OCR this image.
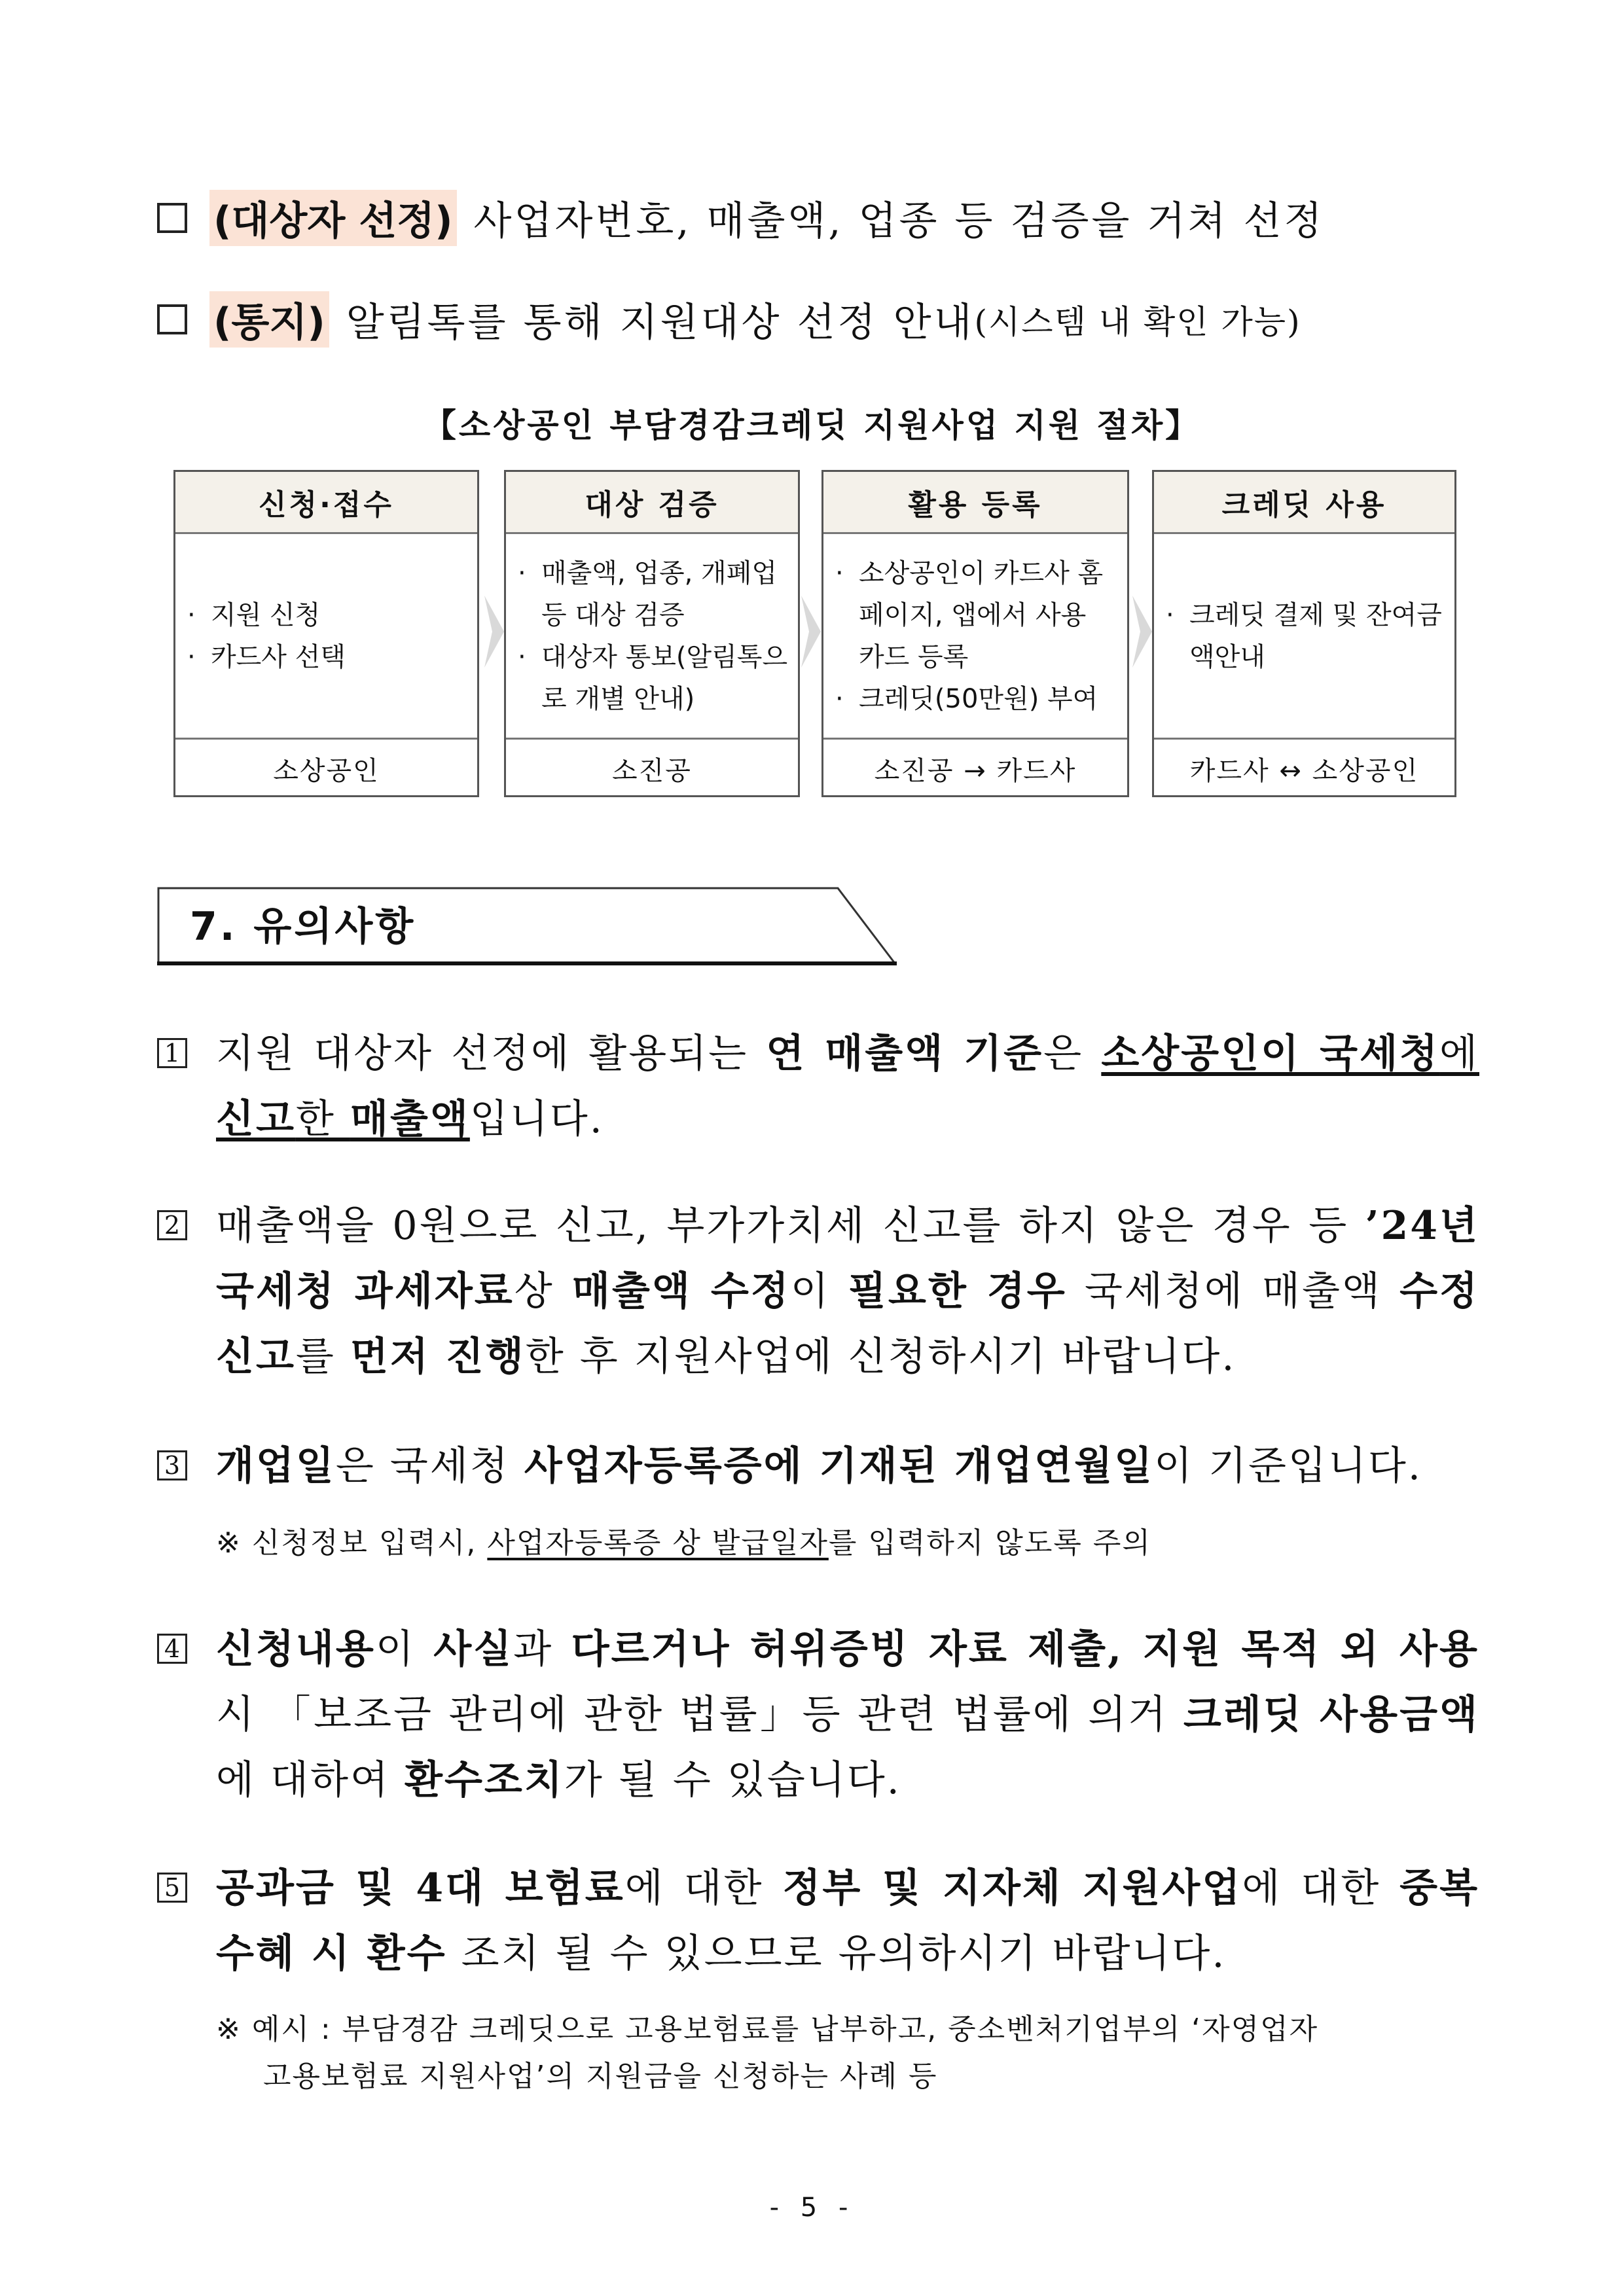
(대상자 선정) 사업자번호, 매출액, 업종 등 검증을 거쳐 선정
(통지) 알림톡를 통해 지원대상 선정 안내 (시스템 내 확인 가능)
【소상공인 부담경감크레딧 지원사업 지원 절차】
신청·접수
· 지원 신청
· 카드사 선택
소상공인
대상 검증
· 매출액, 업종, 개폐업 등 대상 검증
· 대상자 통보(알림톡으로 개별 안내)
소진공
활용 등록
· 소상공인이 카드사 홈페이지, 앱에서 사용 카드 등록
· 크레딧(50만원) 부여
소진공 → 카드사
크레딧 사용
· 크레딧 결제 및 잔여금액안내
카드사 ↔ 소상공인
7. 유의사항
1 지원 대상자 선정에 활용되는 연 매출액 기준은 소상공인이 국세청에 신고한 매출액입니다.
2 매출액을 0원으로 신고, 부가가치세 신고를 하지 않은 경우 등 ’24년 국세청 과세자료상 매출액 수정이 필요한 경우 국세청에 매출액 수정신고를 먼저 진행한 후 지원사업에 신청하시기 바랍니다.
3 개업일은 국세청 사업자등록증에 기재된 개업연월일이 기준입니다.
※ 신청정보 입력시, 사업자등록증 상 발급일자를 입력하지 않도록 주의
4 신청내용이 사실과 다르거나 허위증빙 자료 제출, 지원 목적 외 사용 시 「보조금 관리에 관한 법률」등 관련 법률에 의거 크레딧 사용금액에 대하여 환수조치가 될 수 있습니다.
5 공과금 및 4대 보험료에 대한 정부 및 지자체 지원사업에 대한 중복 수혜 시 환수 조치 될 수 있으므로 유의하시기 바랍니다.
※ 예시 : 부담경감 크레딧으로 고용보험료를 납부하고, 중소벤처기업부의 ‘자영업자
고용보험료 지원사업’의 지원금을 신청하는 사례 등
- 5 -
